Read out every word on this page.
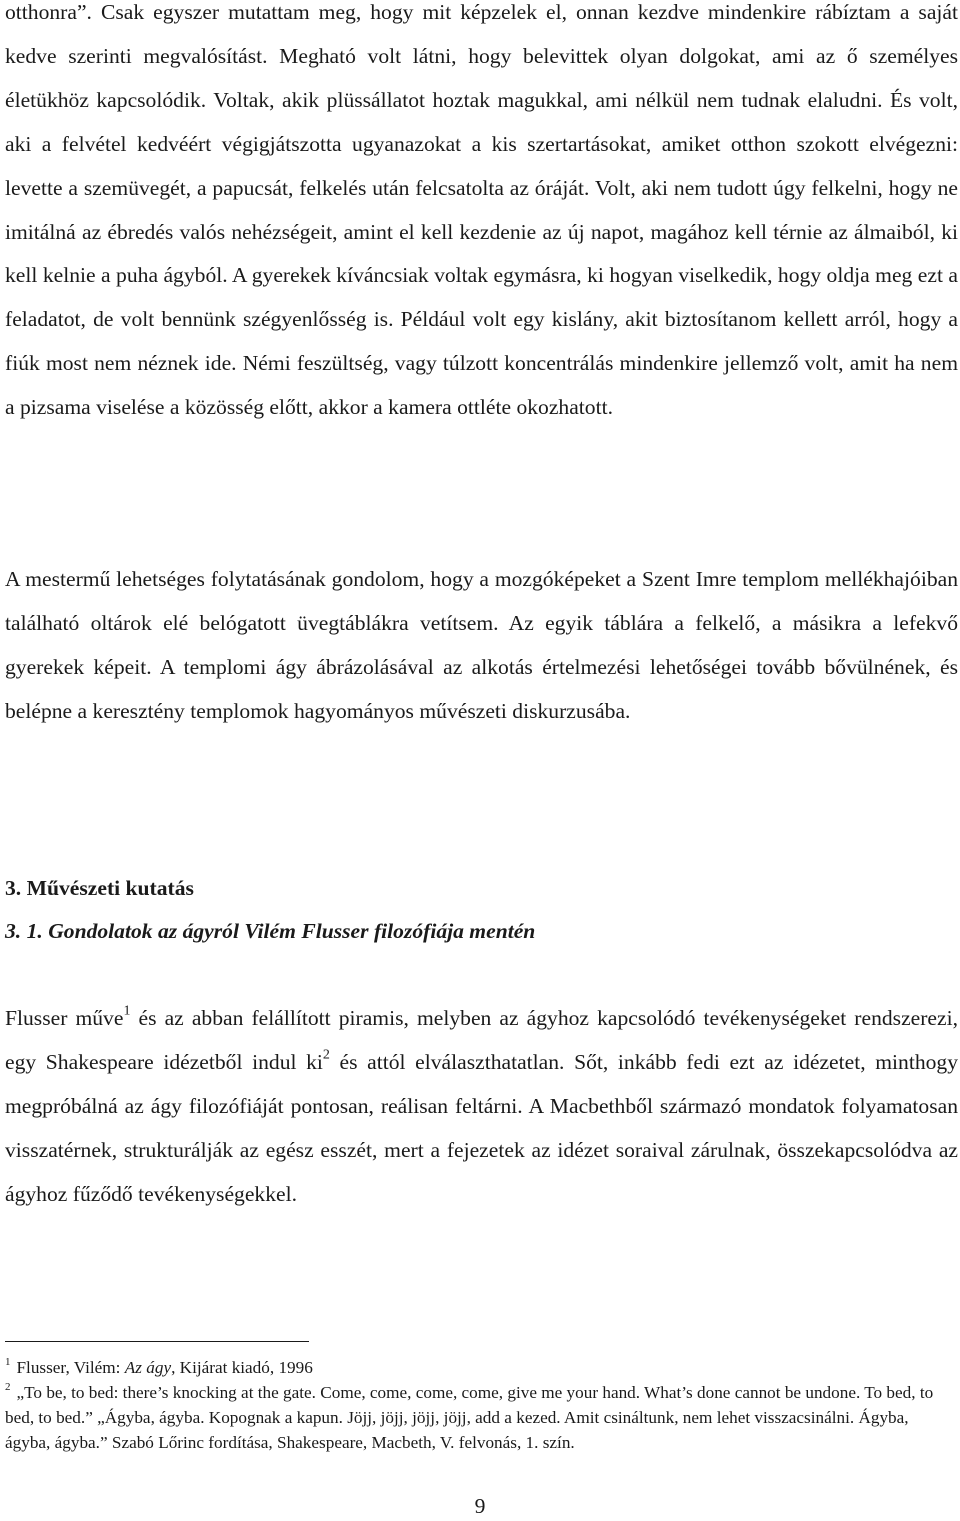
otthonra”. Csak egyszer mutattam meg, hogy mit képzelek el, onnan kezdve mindenkire rábíztam a saját kedve szerinti megvalósítást. Megható volt látni, hogy belevittek olyan dolgokat, ami az ő személyes életükhöz kapcsolódik. Voltak, akik plüssállatot hoztak magukkal, ami nélkül nem tudnak elaludni. És volt, aki a felvétel kedvéért végigjátszotta ugyanazokat a kis szertartásokat, amiket otthon szokott elvégezni: levette a szemüvegét, a papucsát, felkelés után felcsatolta az óráját. Volt, aki nem tudott úgy felkelni, hogy ne imitálná az ébredés valós nehézségeit, amint el kell kezdenie az új napot, magához kell térnie az álmaiból, ki kell kelnie a puha ágyból. A gyerekek kíváncsiak voltak egymásra, ki hogyan viselkedik, hogy oldja meg ezt a feladatot, de volt bennünk szégyenlősség is. Például volt egy kislány, akit biztosítanom kellett arról, hogy a fiúk most nem néznek ide. Némi feszültség, vagy túlzott koncentrálás mindenkire jellemző volt, amit ha nem a pizsama viselése a közösség előtt, akkor a kamera ottléte okozhatott.

A mestermű lehetséges folytatásának gondolom, hogy a mozgóképeket a Szent Imre templom mellékhajóiban található oltárok elé belógatott üvegtáblákra vetítsem. Az egyik táblára a felkelő, a másikra a lefekvő gyerekek képeit. A templomi ágy ábrázolásával az alkotás értelmezési lehetőségei tovább bővülnének, és belépne a keresztény templomok hagyományos művészeti diskurzusába.

3. Művészeti kutatás
3. 1. Gondolatok az ágyról Vilém Flusser filozófiája mentén

Flusser műve$^1$ és az abban felállított piramis, melyben az ágyhoz kapcsolódó tevékenységeket rendszerezi, egy Shakespeare idézetből indul $ki^2$ és attól elválaszthatatlan. Sőt, inkább fedi ezt az idézetet, minthogy megpróbálná az ágy filozófiáját pontosan, reálisan feltárni. A Macbethből származó mondatok folyamatosan visszatérnek, strukturálják az egész esszét, mert a fejezetek az idézet soraival zárulnak, összekapcsolódva az ágyhoz fűződő tevékenységekkel.

$^1$ Flusser, Vilém: Az ágy, Kijárat kiadó, 1996

$^2$ „To be, to bed: there’s knocking at the gate. Come, come, come, come, give me your hand. What’s done cannot be undone. To bed, to bed, to bed.” „Ágyba, ágyba. Kopognak a kapun. Jöjj, jöjj, jöjj, jöjj, add a kezed. Amit csináltunk, nem lehet visszacsinálni. Ágyba, ágyba, ágyba.” Szabó Lőrinc fordítása, Shakespeare, Macbeth, V. felvonás, 1. szín.

9
